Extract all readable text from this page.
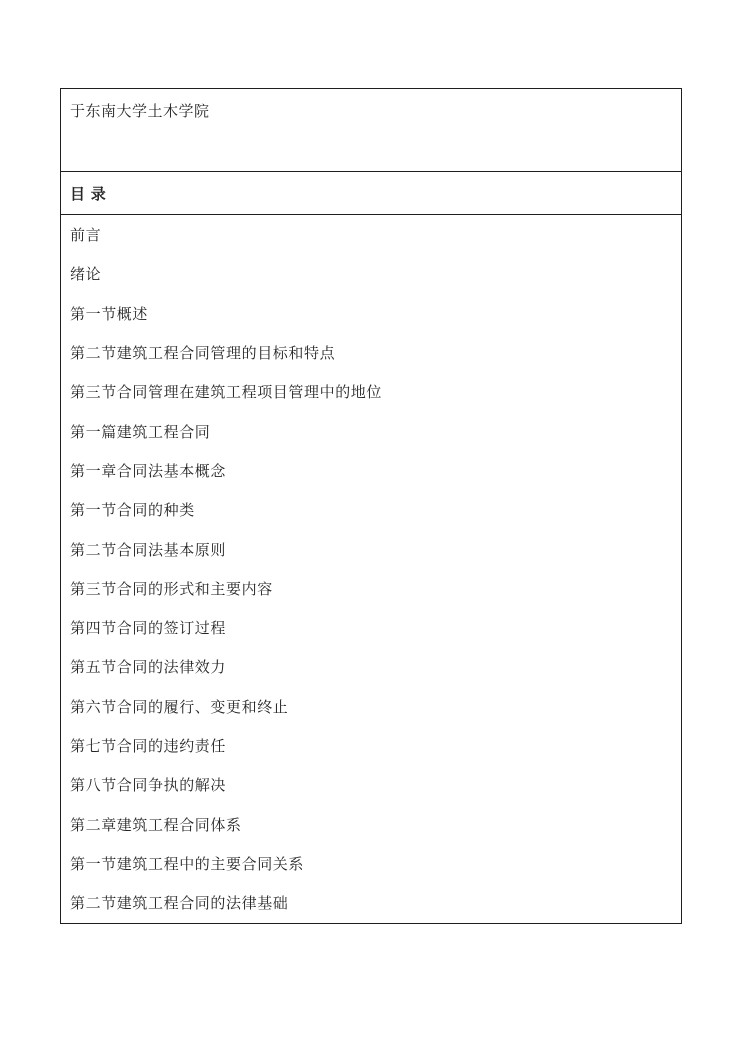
于东南大学土木学院
目 录
前言
绪论
第一节概述
第二节建筑工程合同管理的目标和特点
第三节合同管理在建筑工程项目管理中的地位
第一篇建筑工程合同
第一章合同法基本概念
第一节合同的种类
第二节合同法基本原则
第三节合同的形式和主要内容
第四节合同的签订过程
第五节合同的法律效力
第六节合同的履行、变更和终止
第七节合同的违约责任
第八节合同争执的解决
第二章建筑工程合同体系
第一节建筑工程中的主要合同关系
第二节建筑工程合同的法律基础
